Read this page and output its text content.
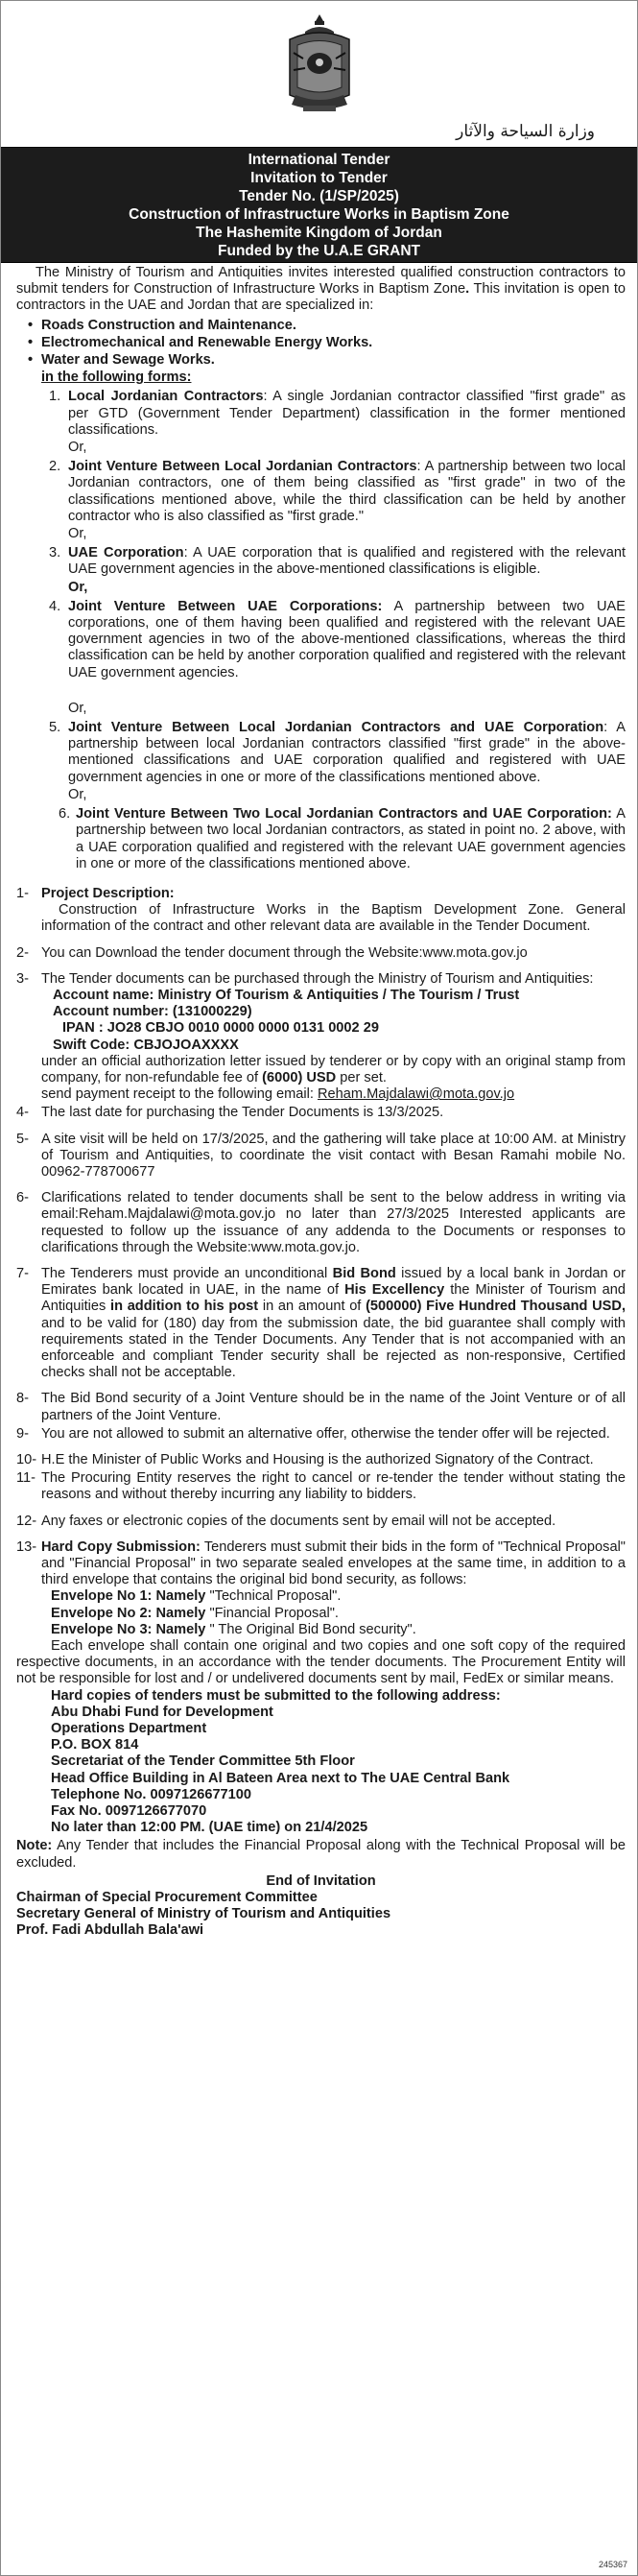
وزارة السياحة والآثار
International Tender
Invitation to Tender
Tender No. (1/SP/2025)
Construction of Infrastructure Works in Baptism Zone
The Hashemite Kingdom of Jordan
Funded by the U.A.E GRANT

The Ministry of Tourism and Antiquities invites interested qualified construction contractors to submit tenders for Construction of Infrastructure Works in Baptism Zone. This invitation is open to contractors in the UAE and Jordan that are specialized in:

• Roads Construction and Maintenance.
• Electromechanical and Renewable Energy Works.
• Water and Sewage Works.
in the following forms:
1. Local Jordanian Contractors: A single Jordanian contractor classified "first grade" as per GTD (Government Tender Department) classification in the former mentioned classifications.

Or,
2. Joint Venture Between Local Jordanian Contractors: A partnership between two local Jordanian contractors, one of them being classified as "first grade" in two of the classifications mentioned above, while the third classification can be held by another contractor who is also classified as "first grade."

Or,
3. UAE Corporation: A UAE corporation that is qualified and registered with the relevant UAE government agencies in the above-mentioned classifications is eligible.

Or,
4. Joint Venture Between UAE Corporations: A partnership between two UAE corporations, one of them having been qualified and registered with the relevant UAE government agencies in two of the above-mentioned classifications, whereas the third classification can be held by another corporation qualified and registered with the relevant UAE government agencies.

Or,
5. Joint Venture Between Local Jordanian Contractors and UAE Corporation: A partnership between local Jordanian contractors classified "first grade" in the above-mentioned classifications and UAE corporation qualified and registered with UAE government agencies in one or more of the classifications mentioned above.

Or,
6. Joint Venture Between Two Local Jordanian Contractors and UAE Corporation: A partnership between two local Jordanian contractors, as stated in point no. 2 above, with a UAE corporation qualified and registered with the relevant UAE government agencies in one or more of the classifications mentioned above.

1- Project Description:

Construction of Infrastructure Works in the Baptism Development Zone. General information of the contract and other relevant data are available in the Tender Document.

2- You can Download the tender document through the Website:www.mota.gov.jo

3- The Tender documents can be purchased through the Ministry of Tourism and Antiquities:

Account name: Ministry Of Tourism & Antiquities / The Tourism / Trust
Account number: (131000229)
IPAN : JO28 CBJO 0010 0000 0000 0131 0002 29
Swift Code: CBJOJOAXXXX

under an official authorization letter issued by tenderer or by copy with an original stamp from company, for non-refundable fee of (6000) USD per set.

send payment receipt to the following email: Reham.Majdalawi@mota.gov.jo

4- The last date for purchasing the Tender Documents is 13/3/2025.

5- A site visit will be held on 17/3/2025, and the gathering will take place at 10:00 AM. at Ministry of Tourism and Antiquities, to coordinate the visit contact with Besan Ramahi mobile No. 00962-778700677

6- Clarifications related to tender documents shall be sent to the below address in writing via email:Reham.Majdalawi@mota.gov.jo no later than 27/3/2025 Interested applicants are requested to follow up the issuance of any addenda to the Documents or responses to clarifications through the Website:www.mota.gov.jo.

7- The Tenderers must provide an unconditional Bid Bond issued by a local bank in Jordan or Emirates bank located in UAE, in the name of His Excellency the Minister of Tourism and Antiquities in addition to his post in an amount of (500000) Five Hundred Thousand USD, and to be valid for (180) day from the submission date, the bid guarantee shall comply with requirements stated in the Tender Documents. Any Tender that is not accompanied with an enforceable and compliant Tender security shall be rejected as non-responsive, Certified checks shall not be acceptable.

8- The Bid Bond security of a Joint Venture should be in the name of the Joint Venture or of all partners of the Joint Venture.

9- You are not allowed to submit an alternative offer, otherwise the tender offer will be rejected.

10- H.E the Minister of Public Works and Housing is the authorized Signatory of the Contract.

11- The Procuring Entity reserves the right to cancel or re-tender the tender without stating the reasons and without thereby incurring any liability to bidders.

12- Any faxes or electronic copies of the documents sent by email will not be accepted.

13- Hard Copy Submission: Tenderers must submit their bids in the form of "Technical Proposal" and "Financial Proposal" in two separate sealed envelopes at the same time, in addition to a third envelope that contains the original bid bond security, as follows:

Envelope No 1: Namely "Technical Proposal".
Envelope No 2: Namely "Financial Proposal".
Envelope No 3: Namely " The Original Bid Bond security".

Each envelope shall contain one original and two copies and one soft copy of the required respective documents, in an accordance with the tender documents. The Procurement Entity will not be responsible for lost and / or undelivered documents sent by mail, FedEx or similar means.

Hard copies of tenders must be submitted to the following address:
Abu Dhabi Fund for Development
Operations Department
P.O. BOX 814
Secretariat of the Tender Committee 5th Floor
Head Office Building in Al Bateen Area next to The UAE Central Bank
Telephone No. 0097126677100
Fax No. 0097126677070
No later than 12:00 PM. (UAE time) on 21/4/2025

Note: Any Tender that includes the Financial Proposal along with the Technical Proposal will be excluded.

End of Invitation
Chairman of Special Procurement Committee
Secretary General of Ministry of Tourism and Antiquities
Prof. Fadi Abdullah Bala'awi
245367
